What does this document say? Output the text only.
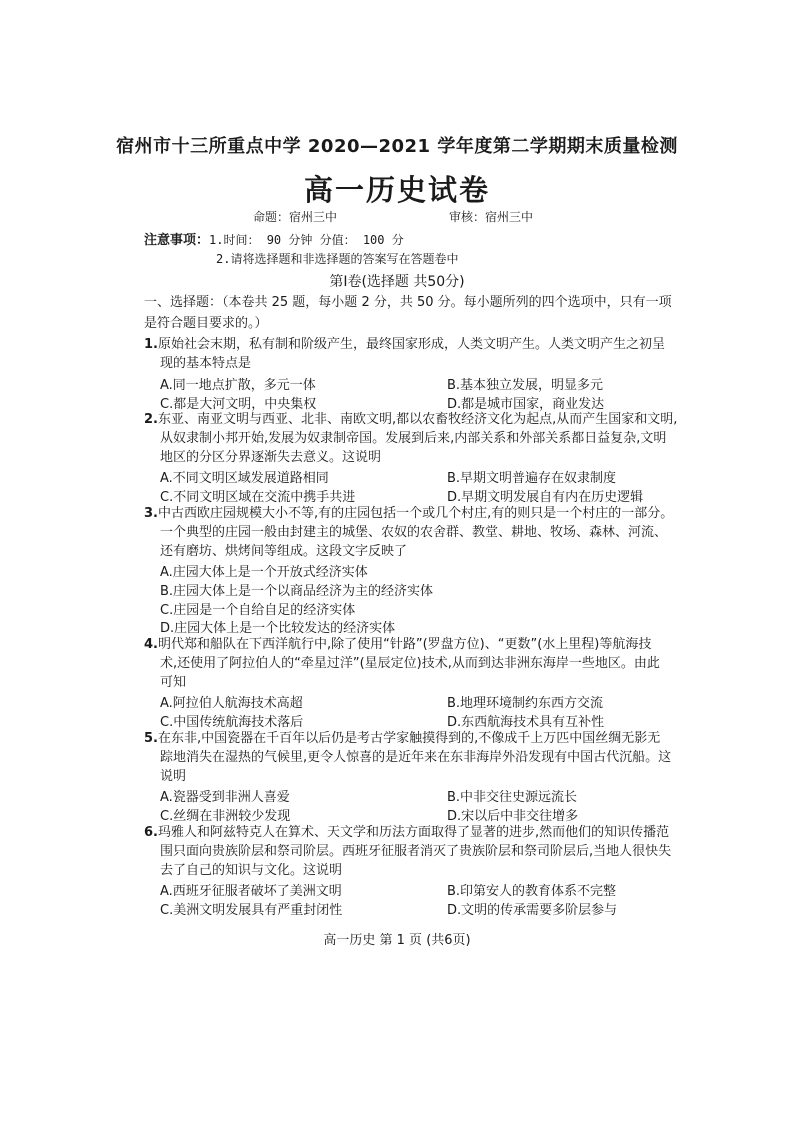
宿州市十三所重点中学 2020—2021 学年度第二学期期末质量检测
高一历史试卷
命题：宿州三中	审核：宿州三中
注意事项：1.时间： 90 分钟 分值： 100 分
2.请将选择题和非选择题的答案写在答题卷中
第Ⅰ卷(选择题 共50分)
一、选择题：（本卷共 25 题，每小题 2 分，共 50 分。每小题所列的四个选项中，只有一项
是符合题目要求的。）
1.原始社会末期，私有制和阶级产生，最终国家形成，人类文明产生。人类文明产生之初呈
现的基本特点是
A.同一地点扩散，多元一体	B.基本独立发展，明显多元
C.都是大河文明，中央集权	D.都是城市国家，商业发达
2.东亚、南亚文明与西亚、北非、南欧文明,都以农畜牧经济文化为起点,从而产生国家和文明,
从奴隶制小邦开始,发展为奴隶制帝国。发展到后来,内部关系和外部关系都日益复杂,文明
地区的分区分界逐渐失去意义。这说明
A.不同文明区域发展道路相同	B.早期文明普遍存在奴隶制度
C.不同文明区域在交流中携手共进	D.早期文明发展自有内在历史逻辑
3.中古西欧庄园规模大小不等,有的庄园包括一个或几个村庄,有的则只是一个村庄的一部分。
一个典型的庄园一般由封建主的城堡、农奴的农舍群、教堂、耕地、牧场、森林、河流、
还有磨坊、烘烤间等组成。这段文字反映了
A.庄园大体上是一个开放式经济实体
B.庄园大体上是一个以商品经济为主的经济实体
C.庄园是一个自给自足的经济实体
D.庄园大体上是一个比较发达的经济实体
4.明代郑和船队在下西洋航行中,除了使用“针路”(罗盘方位)、“更数”(水上里程)等航海技
术,还使用了阿拉伯人的“牵星过洋”(星辰定位)技术,从而到达非洲东海岸一些地区。由此
可知
A.阿拉伯人航海技术高超	B.地理环境制约东西方交流
C.中国传统航海技术落后	D.东西航海技术具有互补性
5.在东非,中国瓷器在千百年以后仍是考古学家触摸得到的,不像成千上万匹中国丝绸无影无
踪地消失在湿热的气候里,更令人惊喜的是近年来在东非海岸外沿发现有中国古代沉船。这
说明
A.瓷器受到非洲人喜爱	B.中非交往史源远流长
C.丝绸在非洲较少发现	D.宋以后中非交往增多
6.玛雅人和阿兹特克人在算术、天文学和历法方面取得了显著的进步,然而他们的知识传播范
围只面向贵族阶层和祭司阶层。西班牙征服者消灭了贵族阶层和祭司阶层后,当地人很快失
去了自己的知识与文化。这说明
A.西班牙征服者破坏了美洲文明	B.印第安人的教育体系不完整
C.美洲文明发展具有严重封闭性	D.文明的传承需要多阶层参与
高一历史 第 1 页 (共6页)
